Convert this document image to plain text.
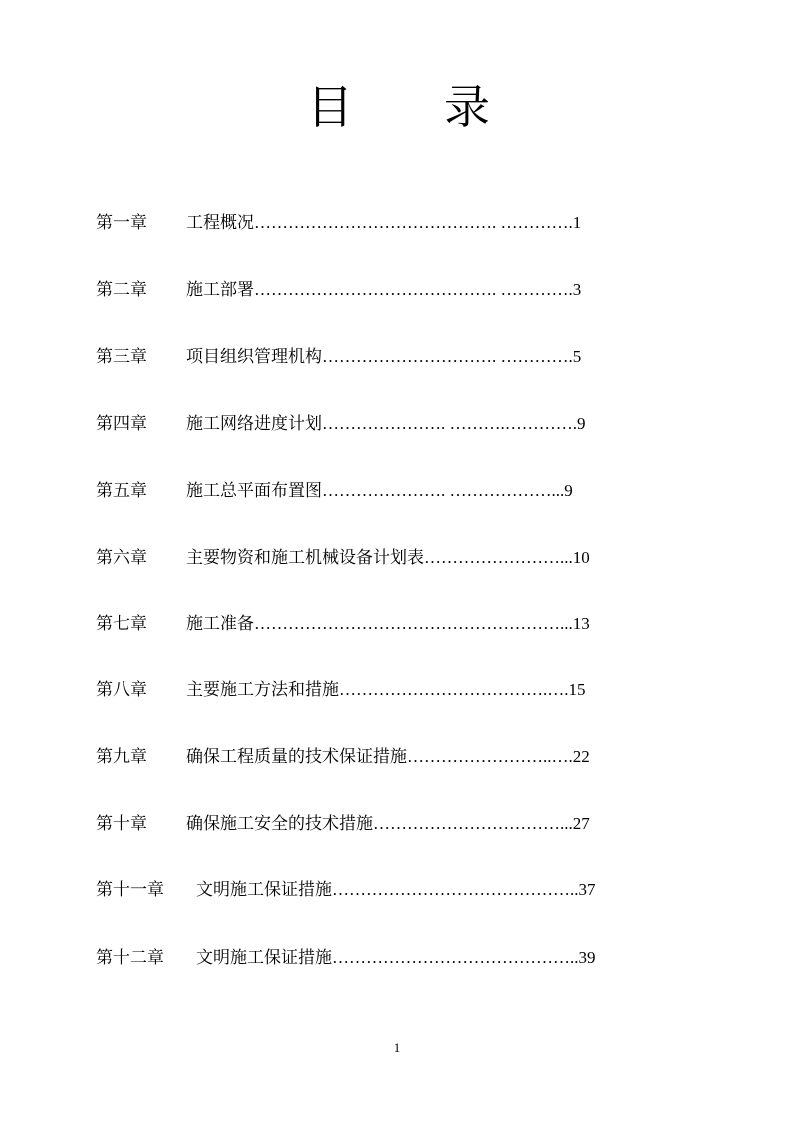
目 录
第一章 工程概况……………………………………. ………….1
第二章 施工部署……………………………………. ………….3
第三章 项目组织管理机构…………………………. ………….5
第四章 施工网络进度计划…………………. ……….………….9
第五章 施工总平面布置图…………………. ………………...9
第六章 主要物资和施工机械设备计划表……………………...10
第七章 施工准备………………………………………………...13
第八章 主要施工方法和措施……………………………….….15
第九章 确保工程质量的技术保证措施……………………..….22
第十章 确保施工安全的技术措施……………………………...27
第十一章 文明施工保证措施……………………………………..37
第十二章 文明施工保证措施……………………………………..39
1
